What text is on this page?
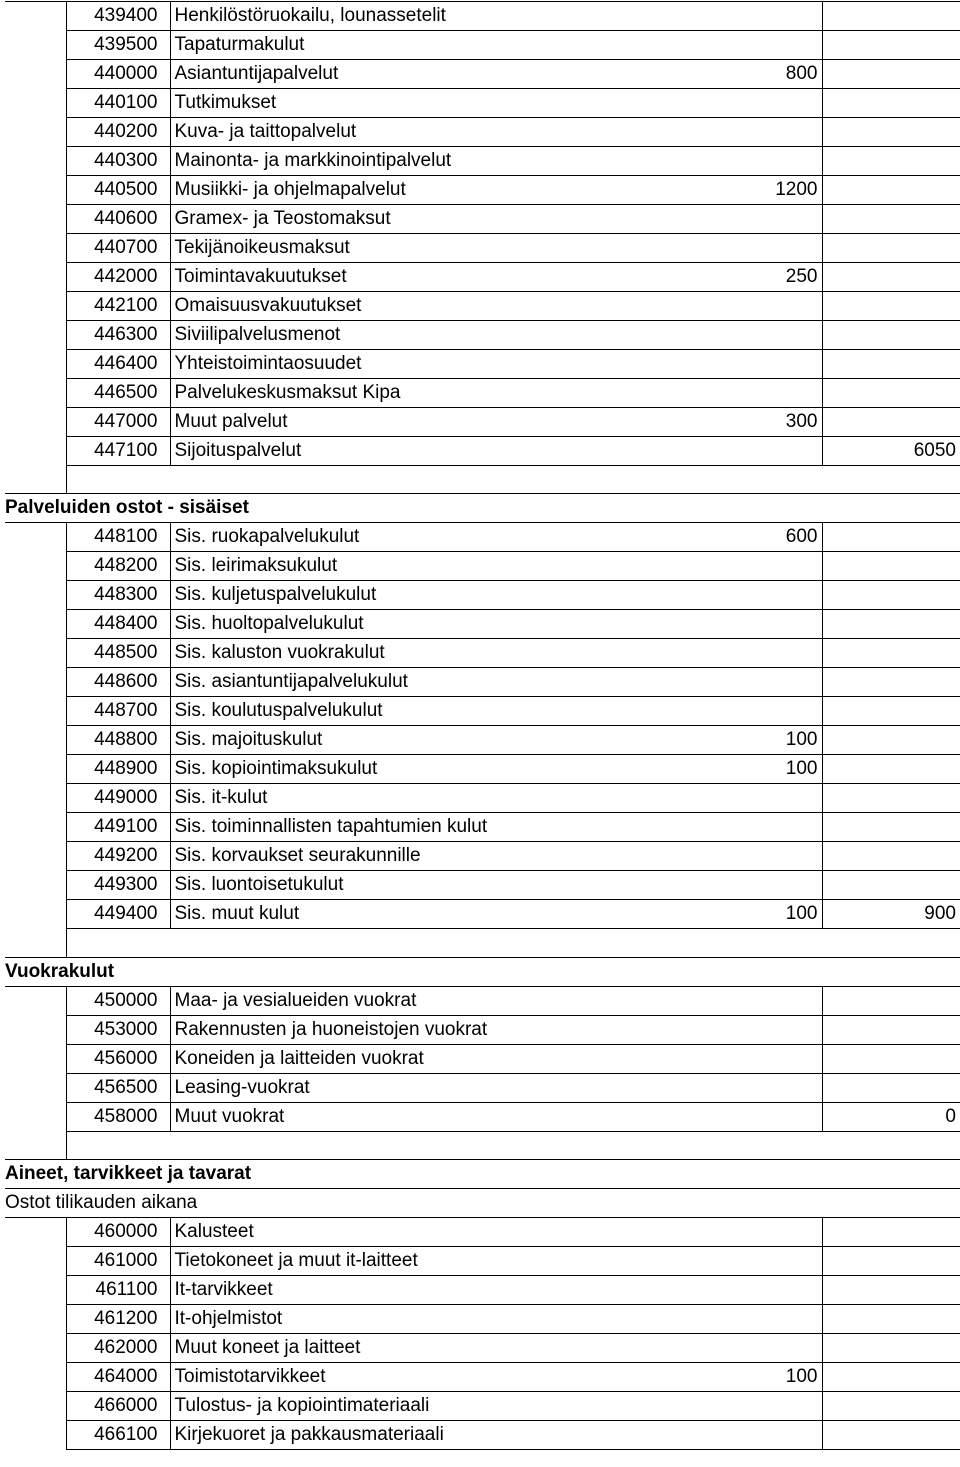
	439400	Henkilöstöruokailu, lounassetelit		
	439500	Tapaturmakulut		
	440000	Asiantuntijapalvelut	800	
	440100	Tutkimukset		
	440200	Kuva- ja taittopalvelut		
	440300	Mainonta- ja markkinointipalvelut		
	440500	Musiikki- ja ohjelmapalvelut	1200	
	440600	Gramex- ja Teostomaksut		
	440700	Tekijänoikeusmaksut		
	442000	Toimintavakuutukset	250	
	442100	Omaisuusvakuutukset		
	446300	Siviilipalvelusmenot		
	446400	Yhteistoimintaosuudet		
	446500	Palvelukeskusmaksut Kipa		
	447000	Muut palvelut	300	
	447100	Sijoituspalvelut		6050

Palveluiden ostot - sisäiset				
	448100	Sis. ruokapalvelukulut	600	
	448200	Sis. leirimaksukulut		
	448300	Sis. kuljetuspalvelukulut		
	448400	Sis. huoltopalvelukulut		
	448500	Sis. kaluston vuokrakulut		
	448600	Sis. asiantuntijapalvelukulut		
	448700	Sis. koulutuspalvelukulut		
	448800	Sis. majoituskulut	100	
	448900	Sis. kopiointimaksukulut	100	
	449000	Sis. it-kulut		
	449100	Sis. toiminnallisten tapahtumien kulut		
	449200	Sis. korvaukset seurakunnille		
	449300	Sis. luontoisetukulut		
	449400	Sis. muut kulut	100	900

Vuokrakulut				
	450000	Maa- ja vesialueiden vuokrat		
	453000	Rakennusten ja huoneistojen vuokrat		
	456000	Koneiden ja laitteiden vuokrat		
	456500	Leasing-vuokrat		
	458000	Muut vuokrat		0

Aineet, tarvikkeet ja tavarat				
Ostot tilikauden aikana				
	460000	Kalusteet		
	461000	Tietokoneet ja muut it-laitteet		
	461100	It-tarvikkeet		
	461200	It-ohjelmistot		
	462000	Muut koneet ja laitteet		
	464000	Toimistotarvikkeet	100	
	466000	Tulostus- ja kopiointimateriaali		
	466100	Kirjekuoret ja pakkausmateriaali		
